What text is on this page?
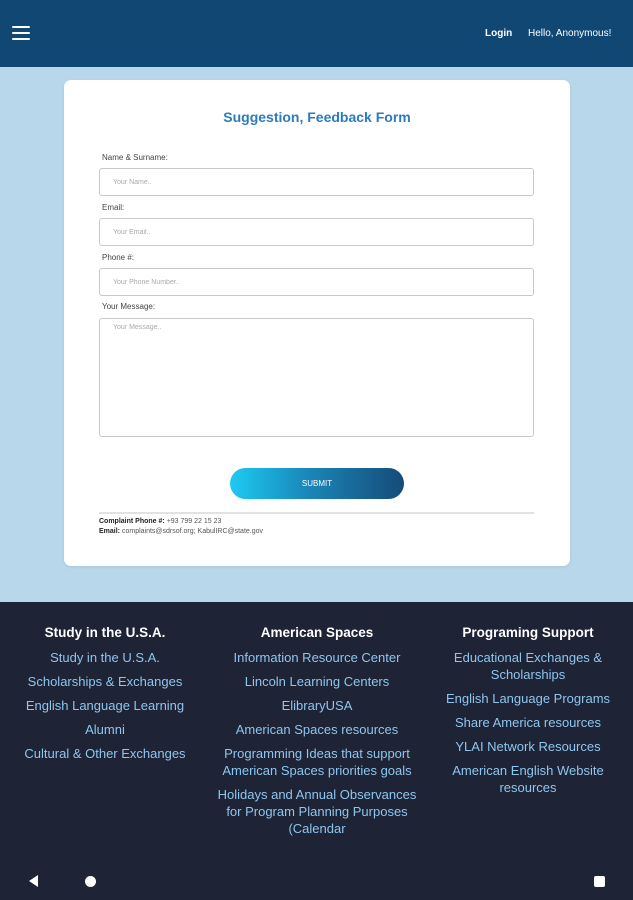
Login Hello, Anonymous!
Suggestion, Feedback Form
Name & Surname:
Your Name..
Email:
Your Email..
Phone #:
Your Phone Number..
Your Message:
Your Message..
SUBMIT
Complaint Phone #: +93 799 22 15 23
Email: complaints@sdrsof.org; KabulIRC@state.gov
Study in the U.S.A.
Study in the U.S.A.
Scholarships & Exchanges
English Language Learning
Alumni
Cultural & Other Exchanges
American Spaces
Information Resource Center
Lincoln Learning Centers
ElibraryUSA
American Spaces resources
Programming Ideas that support American Spaces priorities goals
Holidays and Annual Observances for Program Planning Purposes (Calendar
Programing Support
Educational Exchanges & Scholarships
English Language Programs
Share America resources
YLAI Network Resources
American English Website resources
